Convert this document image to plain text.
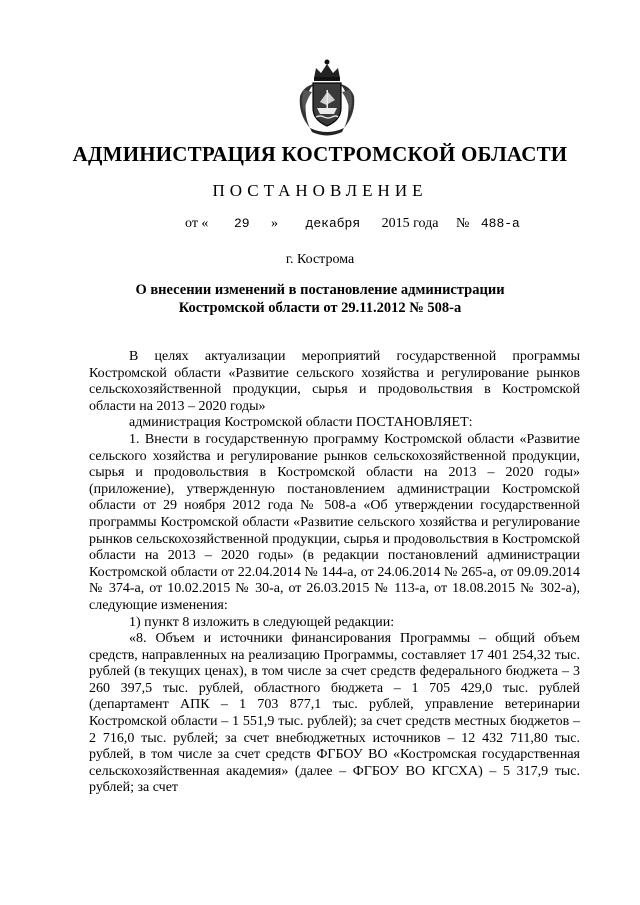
АДМИНИСТРАЦИЯ КОСТРОМСКОЙ ОБЛАСТИ
ПОСТАНОВЛЕНИЕ
от « 29 » декабря 2015 года № 488-а
г. Кострома
О внесении изменений в постановление администрации
Костромской области от 29.11.2012 № 508-а

В целях актуализации мероприятий государственной программы Костромской области «Развитие сельского хозяйства и регулирование рынков сельскохозяйственной продукции, сырья и продовольствия в Костромской области на 2013 – 2020 годы»

администрация Костромской области ПОСТАНОВЛЯЕТ:

1. Внести в государственную программу Костромской области «Развитие сельского хозяйства и регулирование рынков сельскохозяйственной продукции, сырья и продовольствия в Костромской области на 2013 – 2020 годы» (приложение), утвержденную постановлением администрации Костромской области от 29 ноября 2012 года № 508-а «Об утверждении государственной программы Костромской области «Развитие сельского хозяйства и регулирование рынков сельскохозяйственной продукции, сырья и продовольствия в Костромской области на 2013 – 2020 годы» (в редакции постановлений администрации Костромской области от 22.04.2014 № 144-а, от 24.06.2014 № 265-а, от 09.09.2014 № 374-а, от 10.02.2015 № 30-а, от 26.03.2015 № 113-а, от 18.08.2015 № 302-а), следующие изменения:

1) пункт 8 изложить в следующей редакции:

«8. Объем и источники финансирования Программы – общий объем средств, направленных на реализацию Программы, составляет 17 401 254,32 тыс. рублей (в текущих ценах), в том числе за счет средств федерального бюджета – 3 260 397,5 тыс. рублей, областного бюджета – 1 705 429,0 тыс. рублей (департамент АПК – 1 703 877,1 тыс. рублей, управление ветеринарии Костромской области – 1 551,9 тыс. рублей); за счет средств местных бюджетов – 2 716,0 тыс. рублей; за счет внебюджетных источников – 12 432 711,80 тыс. рублей, в том числе за счет средств ФГБОУ ВО «Костромская государственная сельскохозяйственная академия» (далее – ФГБОУ ВО КГСХА) – 5 317,9 тыс. рублей; за счет
